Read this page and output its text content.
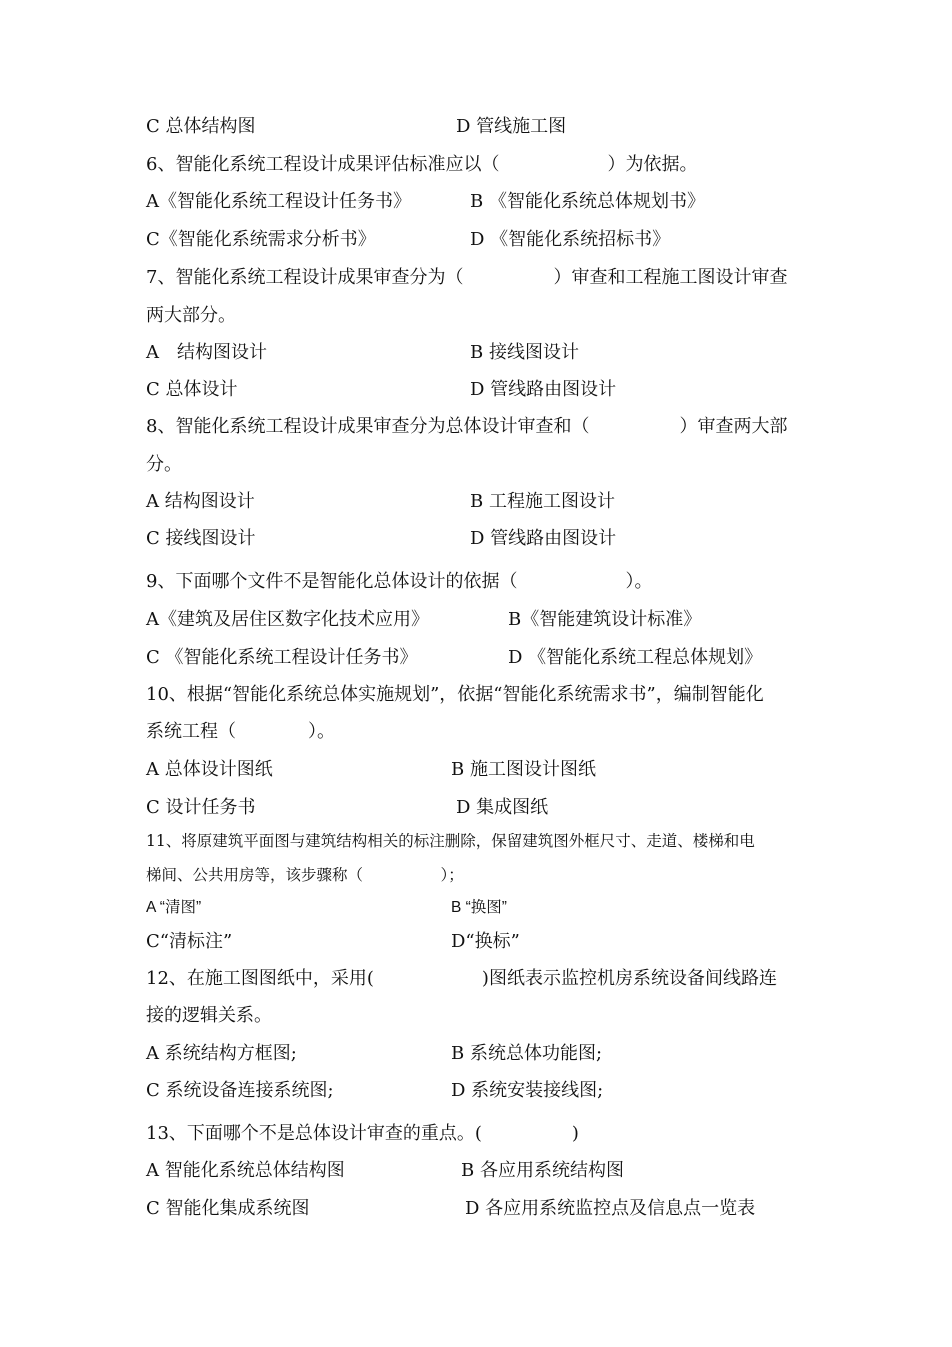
C 总体结构图	D 管线施工图
6、智能化系统工程设计成果评估标准应以（　　　　　　）为依据。
A《智能化系统工程设计任务书》	B 《智能化系统总体规划书》
C《智能化系统需求分析书》	D 《智能化系统招标书》
7、智能化系统工程设计成果审查分为（　　　　　）审查和工程施工图设计审查
两大部分。
A　结构图设计	B 接线图设计
C 总体设计	D 管线路由图设计
8、智能化系统工程设计成果审查分为总体设计审查和（　　　　　）审查两大部
分。
A 结构图设计	B 工程施工图设计
C 接线图设计	D 管线路由图设计
9、下面哪个文件不是智能化总体设计的依据（　　　　　　）。
A《建筑及居住区数字化技术应用》	B《智能建筑设计标准》
C 《智能化系统工程设计任务书》	D 《智能化系统工程总体规划》
10、根据“智能化系统总体实施规划”，依据“智能化系统需求书”，编制智能化
系统工程（　　　　）。
A 总体设计图纸	B 施工图设计图纸
C 设计任务书	D 集成图纸
11、将原建筑平面图与建筑结构相关的标注删除，保留建筑图外框尺寸、走道、楼梯和电
梯间、公共用房等，该步骤称（　　　　　）；
A “清图”	B “换图”
C“清标注”	D“换标”
12、在施工图图纸中，采用(　　　　　　)图纸表示监控机房系统设备间线路连
接的逻辑关系。
A 系统结构方框图;	B 系统总体功能图;
C 系统设备连接系统图;	D 系统安装接线图;
13、下面哪个不是总体设计审查的重点。(　　　　　)
A 智能化系统总体结构图	B 各应用系统结构图
C 智能化集成系统图	D 各应用系统监控点及信息点一览表
